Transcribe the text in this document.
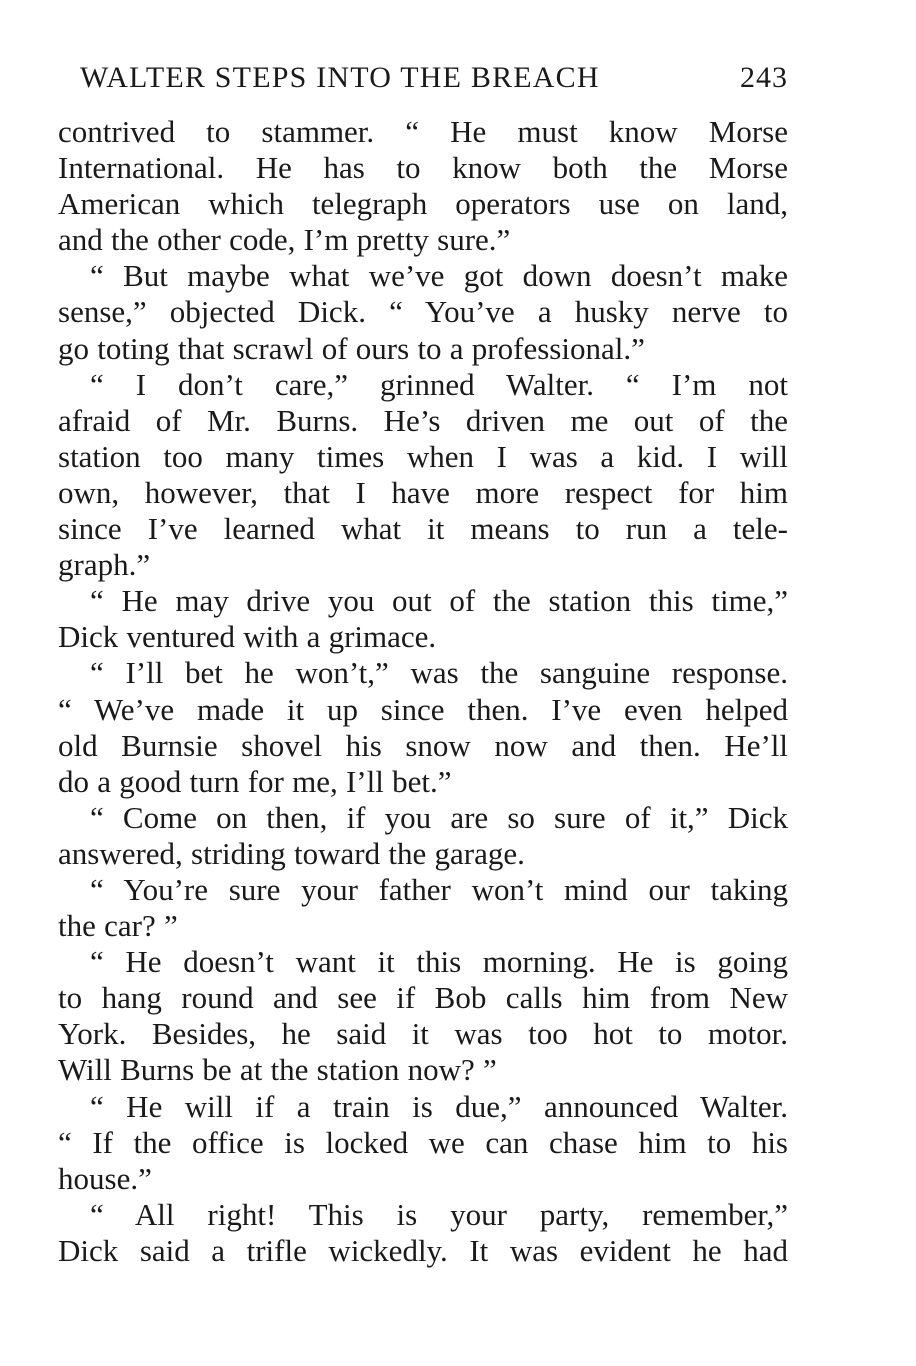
WALTER STEPS INTO THE BREACH	243
contrived to stammer. “ He must know Morse
International. He has to know both the Morse
American which telegraph operators use on land,
and the other code, I’m pretty sure.”
“ But maybe what we’ve got down doesn’t make
sense,” objected Dick. “ You’ve a husky nerve to
go toting that scrawl of ours to a professional.”
“ I don’t care,” grinned Walter. “ I’m not
afraid of Mr. Burns. He’s driven me out of the
station too many times when I was a kid. I will
own, however, that I have more respect for him
since I’ve learned what it means to run a tele-
graph.”
“ He may drive you out of the station this time,”
Dick ventured with a grimace.
“ I’ll bet he won’t,” was the sanguine response.
“ We’ve made it up since then. I’ve even helped
old Burnsie shovel his snow now and then. He’ll
do a good turn for me, I’ll bet.”
“ Come on then, if you are so sure of it,” Dick
answered, striding toward the garage.
“ You’re sure your father won’t mind our taking
the car? ”
“ He doesn’t want it this morning. He is going
to hang round and see if Bob calls him from New
York. Besides, he said it was too hot to motor.
Will Burns be at the station now? ”
“ He will if a train is due,” announced Walter.
“ If the office is locked we can chase him to his
house.”
“ All right! This is your party, remember,”
Dick said a trifle wickedly. It was evident he had
